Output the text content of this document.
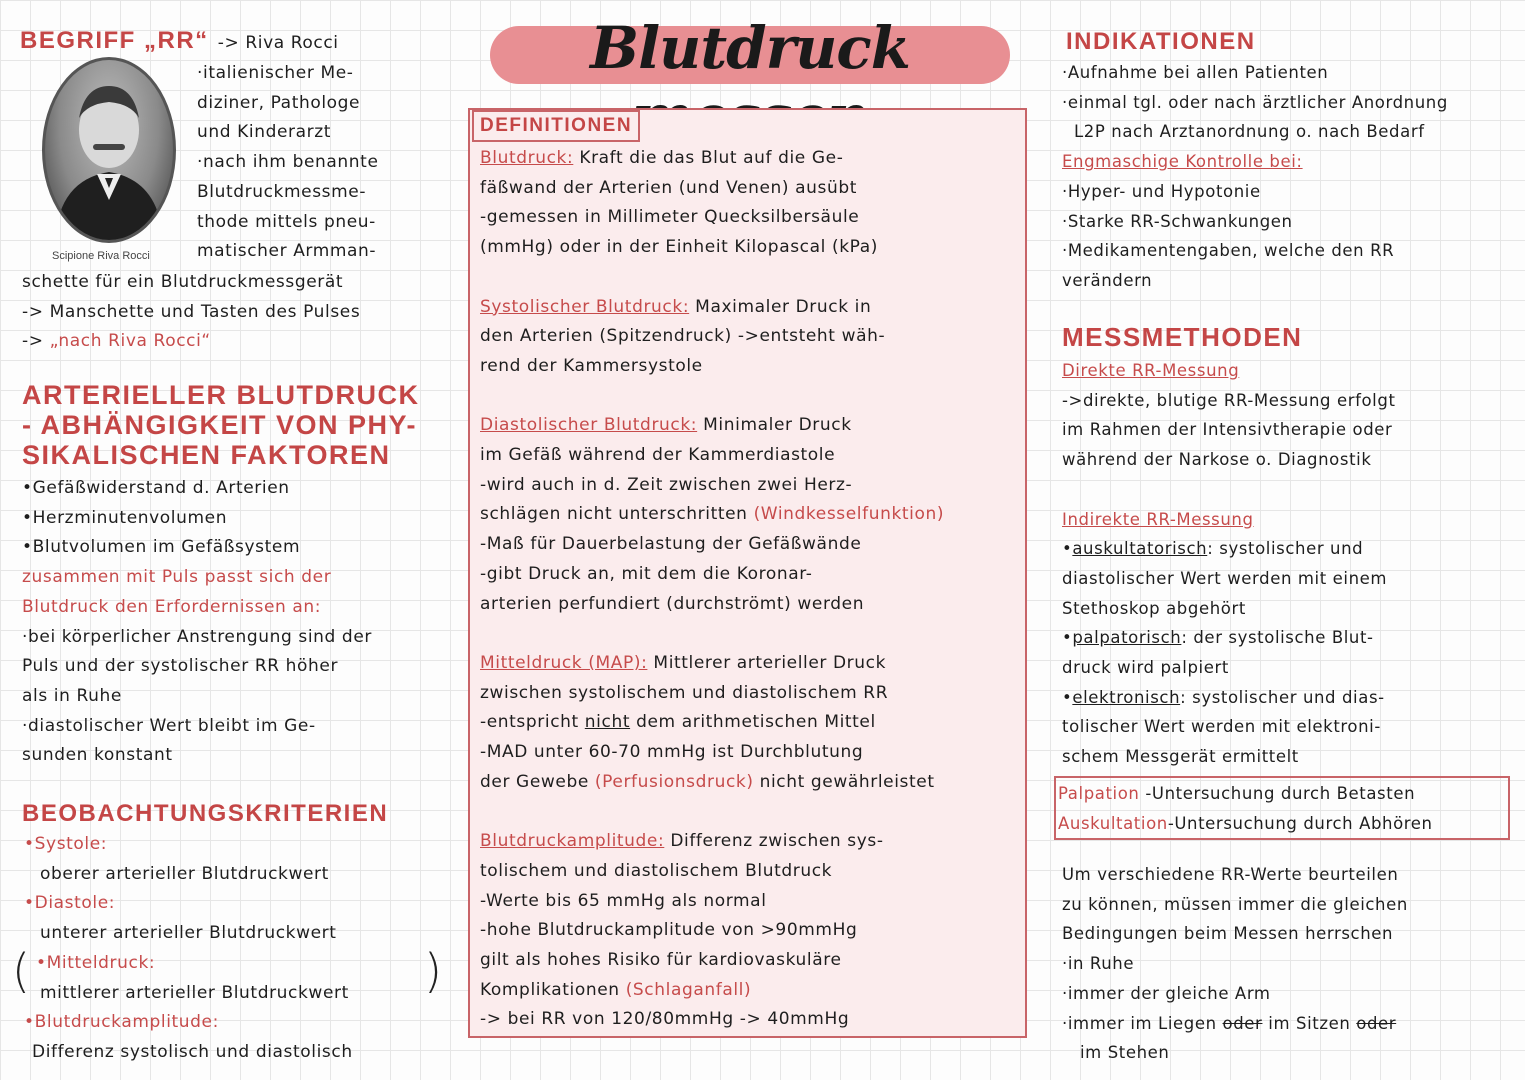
Blutdruck
BEGRIFF „RR“ -> Riva Rocci
Scipione Riva Rocci
·italienischer Me-
diziner, Pathologe
und Kinderarzt
·nach ihm benannte
Blutdruckmessme-
thode mittels pneu-
matischer Armman-
schette für ein Blutdruckmessgerät
-> Manschette und Tasten des Pulses
-> „nach Riva Rocci“
ARTERIELLER BLUTDRUCK
- ABHÄNGIGKEIT VON PHY-
SIKALISCHEN FAKTOREN
• Gefäßwiderstand d. Arterien
• Herzminutenvolumen
• Blutvolumen im Gefäßsystem
zusammen mit Puls passt sich der
Blutdruck den Erfordernissen an:
·bei körperlicher Anstrengung sind der
Puls und der systolischer RR höher
als in Ruhe
·diastolischer Wert bleibt im Ge-
sunden konstant
BEOBACHTUNGSKRITERIEN
• Systole:
oberer arterieller Blutdruckwert
• Diastole:
unterer arterieller Blutdruckwert
• Mitteldruck:
mittlerer arterieller Blutdruckwert
• Blutdruckamplitude:
Differenz systolisch und diastolisch
(	)
DEFINITIONEN
Blutdruck: Kraft die das Blut auf die Ge-
fäßwand der Arterien (und Venen) ausübt
-gemessen in Millimeter Quecksilbersäule
(mmHg) oder in der Einheit Kilopascal (kPa)

Systolischer Blutdruck: Maximaler Druck in
den Arterien (Spitzendruck) ->entsteht wäh-
rend der Kammersystole

Diastolischer Blutdruck: Minimaler Druck
im Gefäß während der Kammerdiastole
-wird auch in d. Zeit zwischen zwei Herz-
schlägen nicht unterschritten (Windkesselfunktion)
-Maß für Dauerbelastung der Gefäßwände
-gibt Druck an, mit dem die Koronar-
arterien perfundiert (durchströmt) werden

Mitteldruck (MAP): Mittlerer arterieller Druck
zwischen systolischem und diastolischem RR
-entspricht nicht dem arithmetischen Mittel
-MAD unter 60-70 mmHg ist Durchblutung
der Gewebe (Perfusionsdruck) nicht gewährleistet

Blutdruckamplitude: Differenz zwischen sys-
tolischem und diastolischem Blutdruck
-Werte bis 65 mmHg als normal
-hohe Blutdruckamplitude von >90mmHg
gilt als hohes Risiko für kardiovaskuläre
Komplikationen (Schlaganfall)
-> bei RR von 120/80mmHg -> 40mmHg
INDIKATIONEN
·Aufnahme bei allen Patienten
·einmal tgl. oder nach ärztlicher Anordnung
L2P nach Arztanordnung o. nach Bedarf
Engmaschige Kontrolle bei:
·Hyper- und Hypotonie
·Starke RR-Schwankungen
·Medikamentengaben, welche den RR
verändern
MESSMETHODEN
Direkte RR-Messung
->direkte, blutige RR-Messung erfolgt
im Rahmen der Intensivtherapie oder
während der Narkose o. Diagnostik

Indirekte RR-Messung
• auskultatorisch: systolischer und
diastolischer Wert werden mit einem
Stethoskop abgehört
• palpatorisch: der systolische Blut-
druck wird palpiert
• elektronisch: systolischer und dias-
tolischer Wert werden mit elektroni-
schem Messgerät ermittelt
Palpation -Untersuchung durch Betasten
Auskultation-Untersuchung durch Abhören
Um verschiedene RR-Werte beurteilen
zu können, müssen immer die gleichen
Bedingungen beim Messen herrschen
·in Ruhe
·immer der gleiche Arm
·immer im Liegen oder im Sitzen oder
im Stehen
